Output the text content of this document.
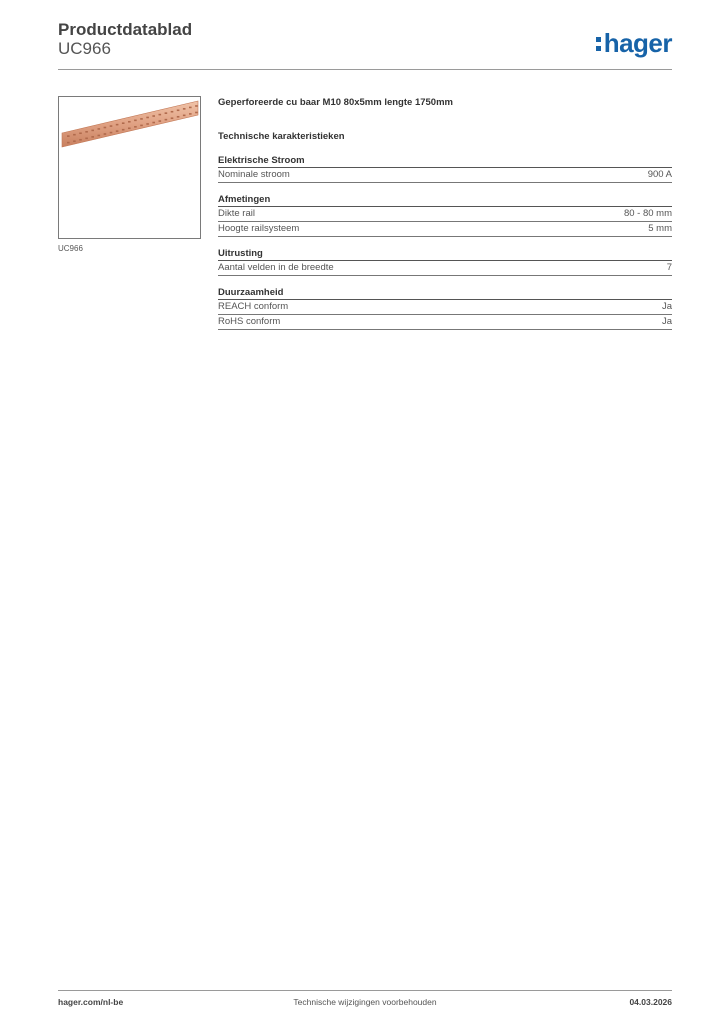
Productdatablad
UC966	hager
UC966
Geperforeerde cu baar M10 80x5mm lengte 1750mm
Technische karakteristieken
Elektrische Stroom
Nominale stroom	900 A
Afmetingen
Dikte rail	80 - 80 mm
Hoogte railsysteem	5 mm
Uitrusting
Aantal velden in de breedte	7
Duurzaamheid
REACH conform	Ja
RoHS conform	Ja
hager.com/nl-be	Technische wijzigingen voorbehouden	04.03.2026
